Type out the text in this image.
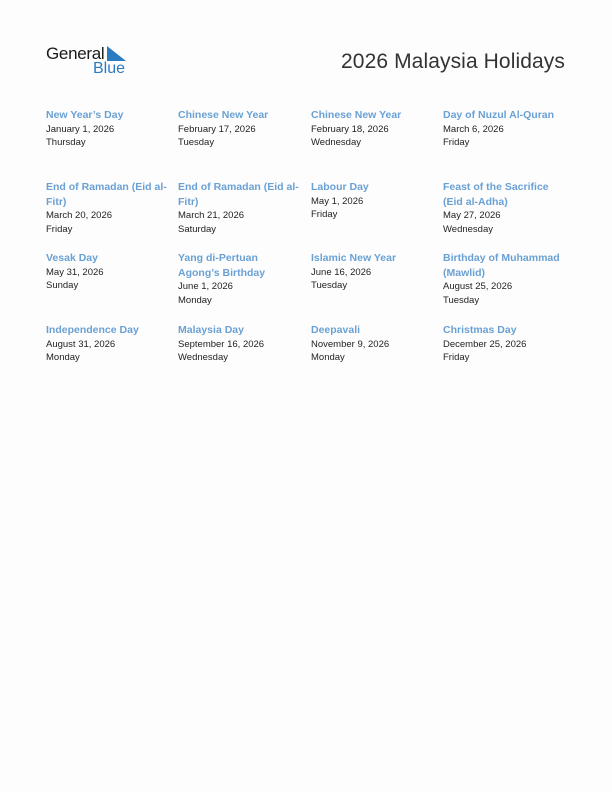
General
Blue	2026 Malaysia Holidays
New Year’s Day
January 1, 2026
Thursday
Chinese New Year
February 17, 2026
Tuesday
Chinese New Year
February 18, 2026
Wednesday
Day of Nuzul Al-Quran
March 6, 2026
Friday
End of Ramadan (Eid al-Fitr)
March 20, 2026
Friday
End of Ramadan (Eid al-Fitr)
March 21, 2026
Saturday
Labour Day
May 1, 2026
Friday
Feast of the Sacrifice (Eid al-Adha)
May 27, 2026
Wednesday
Vesak Day
May 31, 2026
Sunday
Yang di-Pertuan Agong’s Birthday
June 1, 2026
Monday
Islamic New Year
June 16, 2026
Tuesday
Birthday of Muhammad (Mawlid)
August 25, 2026
Tuesday
Independence Day
August 31, 2026
Monday
Malaysia Day
September 16, 2026
Wednesday
Deepavali
November 9, 2026
Monday
Christmas Day
December 25, 2026
Friday
